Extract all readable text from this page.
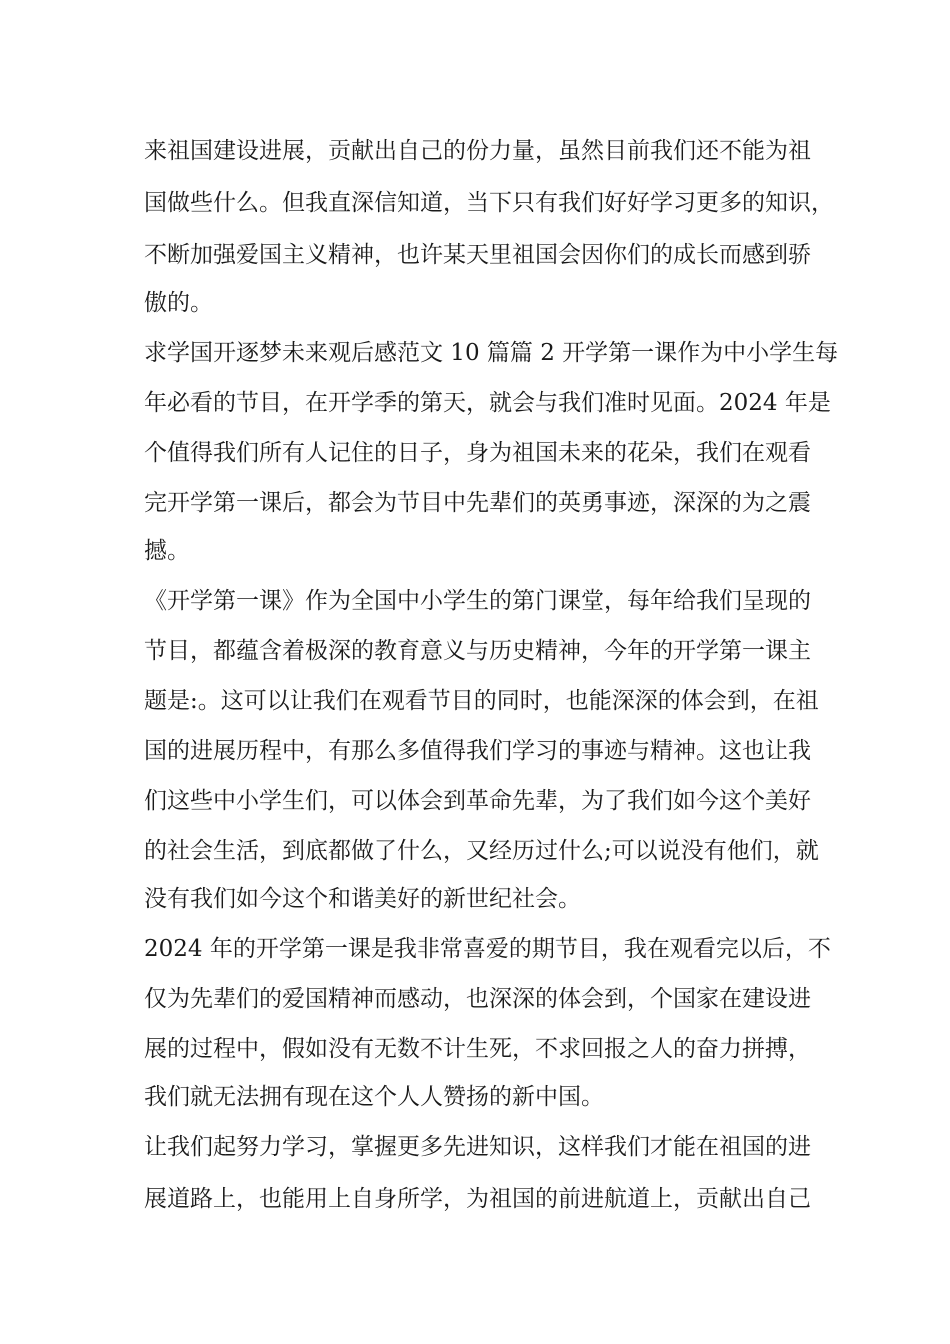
来祖国建设进展，贡献出自己的份力量，虽然目前我们还不能为祖
国做些什么。但我直深信知道，当下只有我们好好学习更多的知识，
不断加强爱国主义精神，也许某天里祖国会因你们的成长而感到骄
傲的。
求学国开逐梦未来观后感范文 10 篇篇 2 开学第一课作为中小学生每
年必看的节目，在开学季的第天，就会与我们准时见面。2024 年是
个值得我们所有人记住的日子，身为祖国未来的花朵，我们在观看
完开学第一课后，都会为节目中先辈们的英勇事迹，深深的为之震
撼。
《开学第一课》作为全国中小学生的第门课堂，每年给我们呈现的
节目，都蕴含着极深的教育意义与历史精神，今年的开学第一课主
题是:。这可以让我们在观看节目的同时，也能深深的体会到，在祖
国的进展历程中，有那么多值得我们学习的事迹与精神。这也让我
们这些中小学生们，可以体会到革命先辈，为了我们如今这个美好
的社会生活，到底都做了什么，又经历过什么;可以说没有他们，就
没有我们如今这个和谐美好的新世纪社会。
2024 年的开学第一课是我非常喜爱的期节目，我在观看完以后，不
仅为先辈们的爱国精神而感动，也深深的体会到，个国家在建设进
展的过程中，假如没有无数不计生死，不求回报之人的奋力拼搏，
我们就无法拥有现在这个人人赞扬的新中国。
让我们起努力学习，掌握更多先进知识，这样我们才能在祖国的进
展道路上，也能用上自身所学，为祖国的前进航道上，贡献出自己
